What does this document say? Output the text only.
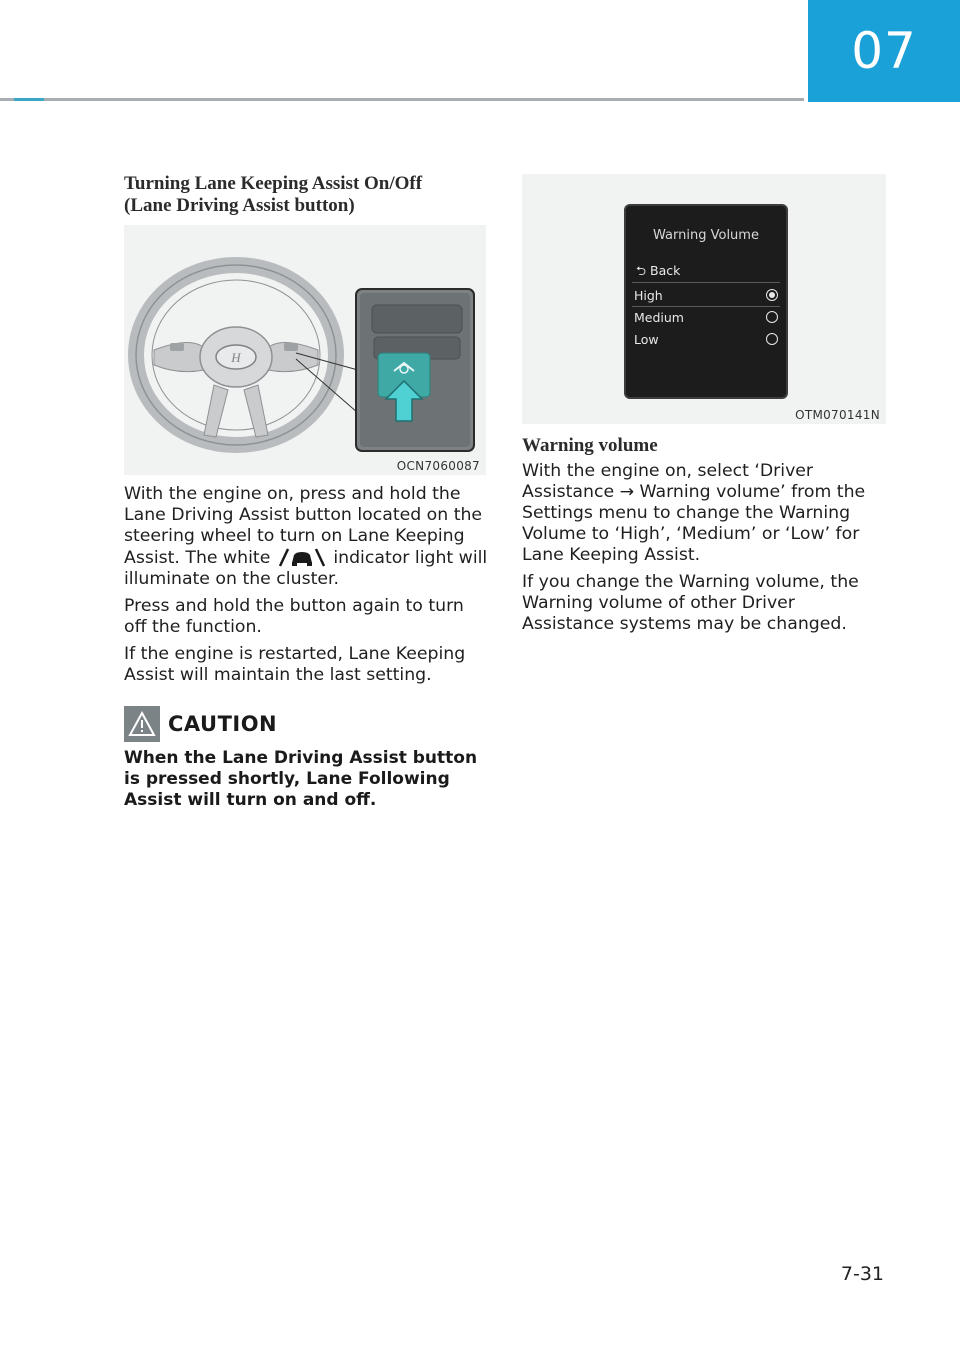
07
Turning Lane Keeping Assist On/Off
(Lane Driving Assist button)
H
OCN7060087

With the engine on, press and hold the Lane Driving Assist button located on the steering wheel to turn on Lane Keeping Assist. The white	indicator light will illuminate on the cluster.

Press and hold the button again to turn off the function.

If the engine is restarted, Lane Keeping Assist will maintain the last setting.

CAUTION
When the Lane Driving Assist button is pressed shortly, Lane Following Assist will turn on and off.
Warning Volume
⮌ Back
High
Medium
Low
OTM070141N
Warning volume

With the engine on, select ‘Driver Assistance → Warning volume’ from the Settings menu to change the Warning Volume to ‘High’, ‘Medium’ or ‘Low’ for Lane Keeping Assist.

If you change the Warning volume, the Warning volume of other Driver Assistance systems may be changed.

7-31
